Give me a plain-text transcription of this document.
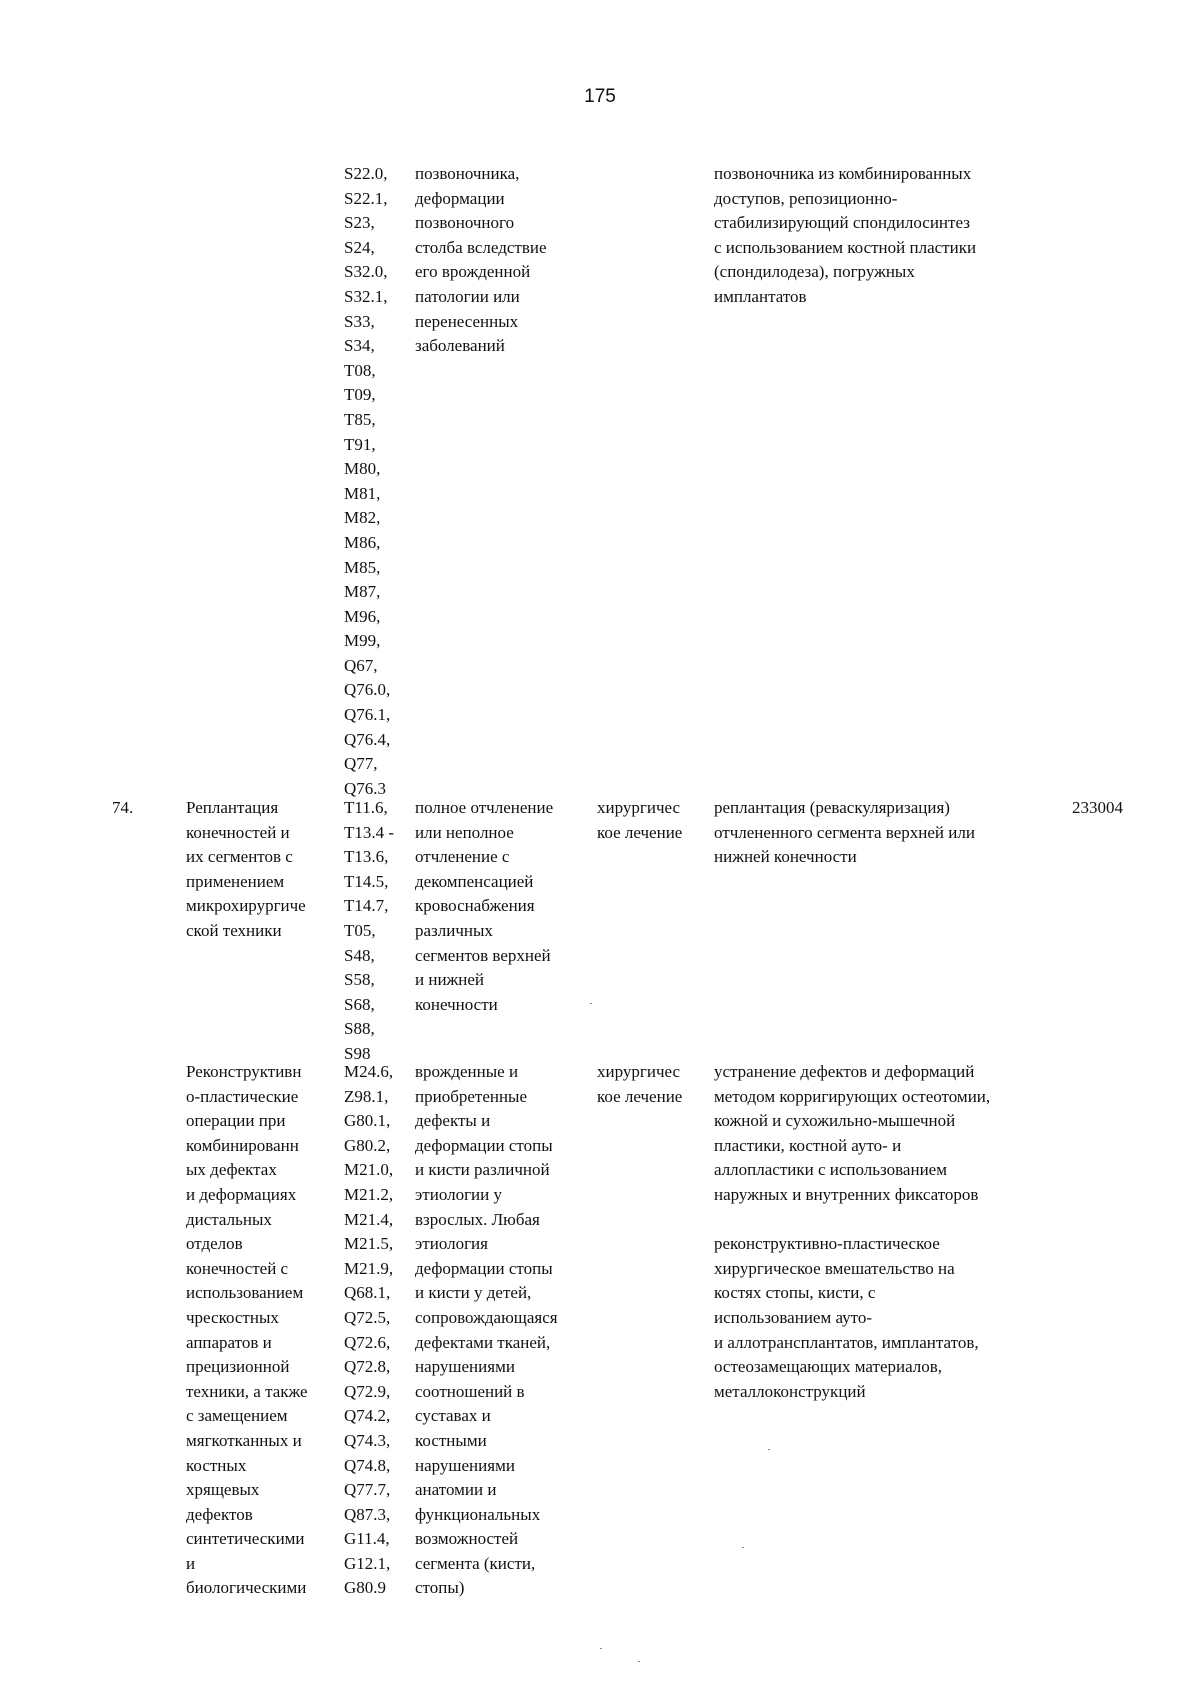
175
S22.0,
S22.1,
S23,
S24,
S32.0,
S32.1,
S33,
S34,
T08,
T09,
T85,
T91,
M80,
M81,
M82,
M86,
M85,
M87,
M96,
M99,
Q67,
Q76.0,
Q76.1,
Q76.4,
Q77,
Q76.3
позвоночника,
деформации
позвоночного
столба вследствие
его врожденной
патологии или
перенесенных
заболеваний
позвоночника из комбинированных
доступов, репозиционно-
стабилизирующий спондилосинтез
с использованием костной пластики
(спондилодеза), погружных
имплантатов
74.	Реплантация
конечностей и
их сегментов с
применением
микрохирургиче
ской техники
T11.6,
T13.4 -
T13.6,
T14.5,
T14.7,
T05,
S48,
S58,
S68,
S88,
S98
полное отчленение
или неполное
отчленение с
декомпенсацией
кровоснабжения
различных
сегментов верхней
и нижней
конечности
хирургичес
кое лечение
реплантация (реваскуляризация)
отчлененного сегмента верхней или
нижней конечности
233004
Реконструктивн
о-пластические
операции при
комбинированн
ых дефектах
и деформациях
дистальных
отделов
конечностей с
использованием
чрескостных
аппаратов и
прецизионной
техники, а также
с замещением
мягкотканных и
костных
хрящевых
дефектов
синтетическими
и
биологическими
M24.6,
Z98.1,
G80.1,
G80.2,
M21.0,
M21.2,
M21.4,
M21.5,
M21.9,
Q68.1,
Q72.5,
Q72.6,
Q72.8,
Q72.9,
Q74.2,
Q74.3,
Q74.8,
Q77.7,
Q87.3,
G11.4,
G12.1,
G80.9
врожденные и
приобретенные
дефекты и
деформации стопы
и кисти различной
этиологии у
взрослых. Любая
этиология
деформации стопы
и кисти у детей,
сопровождающаяся
дефектами тканей,
нарушениями
соотношений в
суставах и
костными
нарушениями
анатомии и
функциональных
возможностей
сегмента (кисти,
стопы)
хирургичес
кое лечение
устранение дефектов и деформаций
методом корригирующих остеотомии,
кожной и сухожильно-мышечной
пластики, костной ауто- и
аллопластики с использованием
наружных и внутренних фиксаторов

реконструктивно-пластическое
хирургическое вмешательство на
костях стопы, кисти, с
использованием ауто-
и аллотрансплантатов, имплантатов,
остеозамещающих материалов,
металлоконструкций
